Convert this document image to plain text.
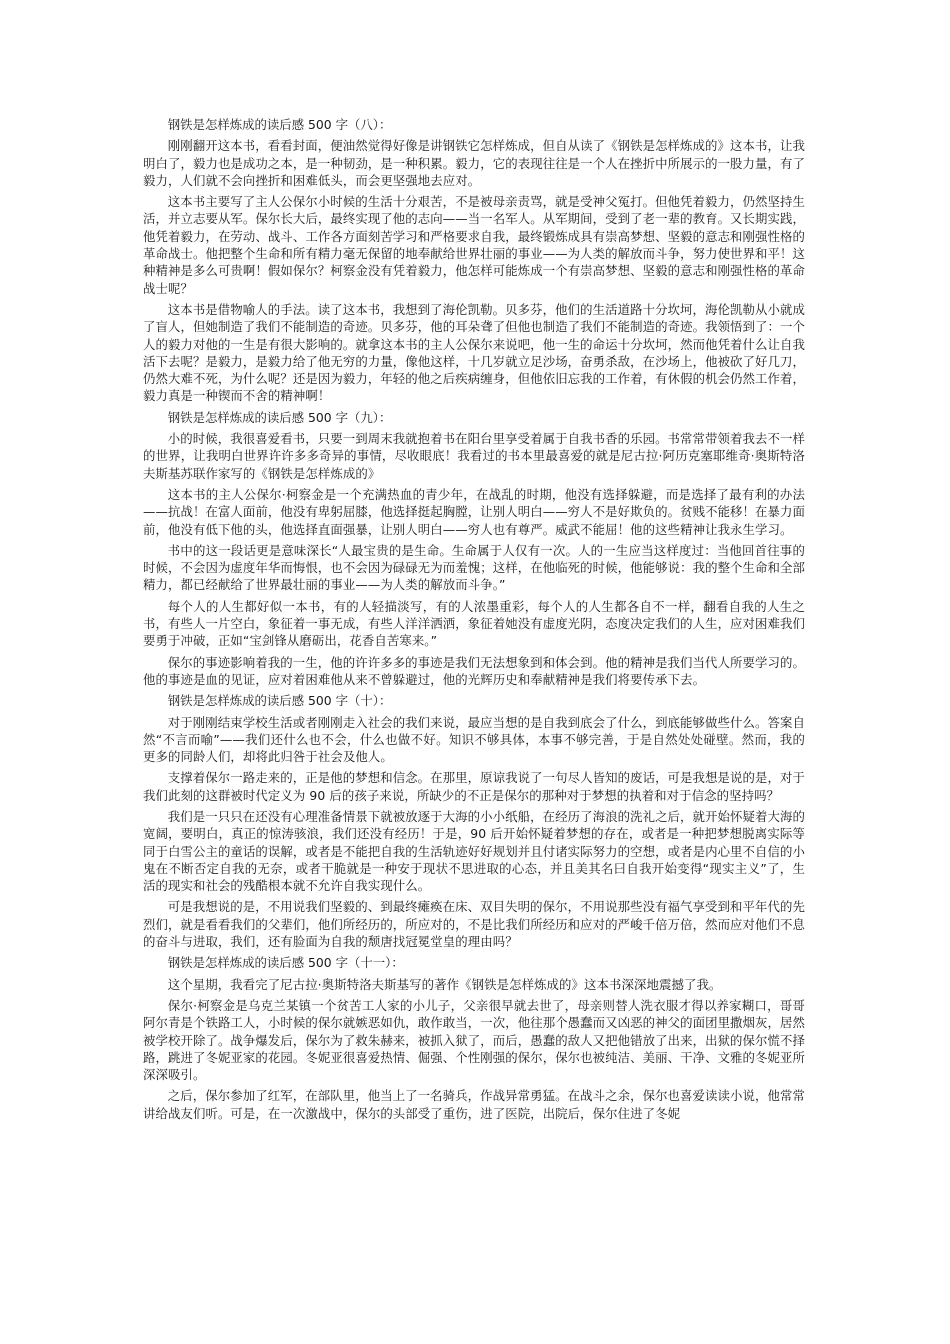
钢铁是怎样炼成的读后感 500 字（八）：

刚刚翻开这本书，看看封面，便油然觉得好像是讲钢铁它怎样炼成，但自从读了《钢铁是怎样炼成的》这本书，让我明白了，毅力也是成功之本，是一种韧劲，是一种积累。毅力，它的表现往往是一个人在挫折中所展示的一股力量，有了毅力，人们就不会向挫折和困难低头，而会更坚强地去应对。

这本书主要写了主人公保尔小时候的生活十分艰苦，不是被母亲责骂，就是受神父冤打。但他凭着毅力，仍然坚持生活，并立志要从军。保尔长大后，最终实现了他的志向——当一名军人。从军期间，受到了老一辈的教育。又长期实践，他凭着毅力，在劳动、战斗、工作各方面刻苦学习和严格要求自我，最终锻炼成具有崇高梦想、坚毅的意志和刚强性格的革命战士。他把整个生命和所有精力毫无保留的地奉献给世界壮丽的事业——为人类的解放而斗争，努力使世界和平！这种精神是多么可贵啊！假如保尔？柯察金没有凭着毅力，他怎样可能炼成一个有崇高梦想、坚毅的意志和刚强性格的革命战士呢？

这本书是借物喻人的手法。读了这本书，我想到了海伦凯勒。贝多芬，他们的生活道路十分坎坷，海伦凯勒从小就成了盲人，但她制造了我们不能制造的奇迹。贝多芬，他的耳朵聋了但他也制造了我们不能制造的奇迹。我领悟到了：一个人的毅力对他的一生是有很大影响的。就拿这本书的主人公保尔来说吧，他一生的命运十分坎坷，然而他凭着什么让自我活下去呢？是毅力，是毅力给了他无穷的力量，像他这样，十几岁就立足沙场，奋勇杀敌，在沙场上，他被砍了好几刀，仍然大难不死，为什么呢？还是因为毅力，年轻的他之后疾病缠身，但他依旧忘我的工作着，有休假的机会仍然工作着，毅力真是一种锲而不舍的精神啊！

钢铁是怎样炼成的读后感 500 字（九）：

小的时候，我很喜爱看书，只要一到周末我就抱着书在阳台里享受着属于自我书香的乐园。书常常带领着我去不一样的世界，让我明白世界许许多多奇异的事情，尽收眼底！我看过的书本里最喜爱的就是尼古拉·阿历克塞耶维奇·奥斯特洛夫斯基苏联作家写的《钢铁是怎样炼成的》

这本书的主人公保尔·柯察金是一个充满热血的青少年，在战乱的时期，他没有选择躲避，而是选择了最有利的办法——抗战！在富人面前，他没有卑躬屈膝，他选择挺起胸膛，让别人明白——穷人不是好欺负的。贫贱不能移！在暴力面前，他没有低下他的头，他选择直面强暴，让别人明白——穷人也有尊严。威武不能屈！他的这些精神让我永生学习。

书中的这一段话更是意味深长“人最宝贵的是生命。生命属于人仅有一次。人的一生应当这样度过：当他回首往事的时候，不会因为虚度年华而悔恨，也不会因为碌碌无为而羞愧；这样，在他临死的时候，他能够说：我的整个生命和全部精力，都已经献给了世界最壮丽的事业——为人类的解放而斗争。”

每个人的人生都好似一本书，有的人轻描淡写，有的人浓墨重彩，每个人的人生都各自不一样，翻看自我的人生之书，有些人一片空白，象征着一事无成，有些人洋洋洒洒，象征着她没有虚度光阴，态度决定我们的人生，应对困难我们要勇于冲破，正如“宝剑锋从磨砺出，花香自苦寒来。”

保尔的事迹影响着我的一生，他的许许多多的事迹是我们无法想象到和体会到。他的精神是我们当代人所要学习的。他的事迹是血的见证，应对着困难他从来不曾躲避过，他的光辉历史和奉献精神是我们将要传承下去。

钢铁是怎样炼成的读后感 500 字（十）：

对于刚刚结束学校生活或者刚刚走入社会的我们来说，最应当想的是自我到底会了什么，到底能够做些什么。答案自然“不言而喻”——我们还什么也不会，什么也做不好。知识不够具体，本事不够完善，于是自然处处碰壁。然而，我的更多的同龄人们，却将此归咎于社会及他人。

支撑着保尔一路走来的，正是他的梦想和信念。在那里，原谅我说了一句尽人皆知的废话，可是我想是说的是，对于我们此刻的这群被时代定义为 90 后的孩子来说，所缺少的不正是保尔的那种对于梦想的执着和对于信念的坚持吗？

我们是一只只在还没有心理准备情景下就被放逐于大海的小小纸船，在经历了海浪的洗礼之后，就开始怀疑着大海的宽阔，要明白，真正的惊涛骇浪，我们还没有经历！于是，90 后开始怀疑着梦想的存在，或者是一种把梦想脱离实际等同于白雪公主的童话的误解，或者是不能把自我的生活轨迹好好规划并且付诸实际努力的空想，或者是内心里不自信的小鬼在不断否定自我的无奈，或者干脆就是一种安于现状不思进取的心态，并且美其名曰自我开始变得“现实主义”了，生活的现实和社会的残酷根本就不允许自我实现什么。

可是我想说的是，不用说我们坚毅的、到最终瘫痪在床、双目失明的保尔，不用说那些没有福气享受到和平年代的先烈们，就是看看我们的父辈们，他们所经历的，所应对的，不是比我们所经历和应对的严峻千倍万倍，然而应对他们不息的奋斗与进取，我们，还有脸面为自我的颓唐找冠冕堂皇的理由吗？

钢铁是怎样炼成的读后感 500 字（十一）：

这个星期，我看完了尼古拉·奥斯特洛夫斯基写的著作《钢铁是怎样炼成的》这本书深深地震撼了我。

保尔·柯察金是乌克兰某镇一个贫苦工人家的小儿子，父亲很早就去世了，母亲则替人洗衣服才得以养家糊口，哥哥阿尔青是个铁路工人，小时候的保尔就嫉恶如仇，敢作敢当，一次，他往那个愚蠢而又凶恶的神父的面团里撒烟灰，居然被学校开除了。战争爆发后，保尔为了救朱赫来，被抓入狱了，而后，愚蠢的敌人又把他错放了出来，出狱的保尔慌不择路，跳进了冬妮亚家的花园。冬妮亚很喜爱热情、倔强、个性刚强的保尔，保尔也被纯洁、美丽、干净、文雅的冬妮亚所深深吸引。

之后，保尔参加了红军，在部队里，他当上了一名骑兵，作战异常勇猛。在战斗之余，保尔也喜爱读读小说，他常常讲给战友们听。可是，在一次激战中，保尔的头部受了重伤，进了医院，出院后，保尔住进了冬妮
